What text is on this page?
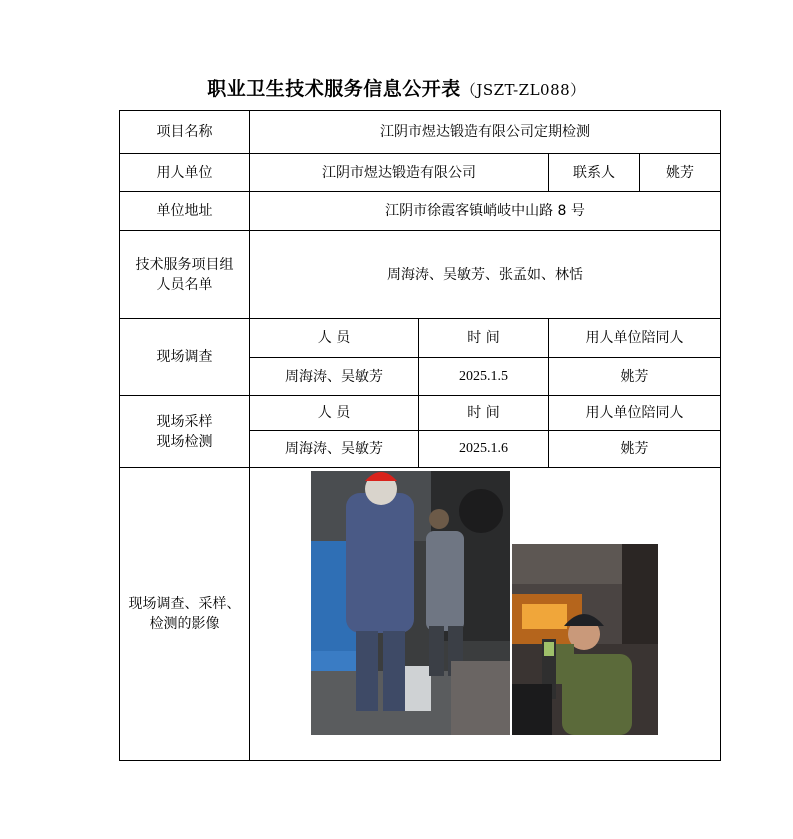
职业卫生技术服务信息公开表（JSZT-ZL088）
项目名称	江阴市煜达锻造有限公司定期检测			
用人单位	江阴市煜达锻造有限公司		联系人	姚芳
单位地址	江阴市徐霞客镇峭岐中山路 8 号			

技术服务项目组
人员名单	周海涛、吴敏芳、张孟如、林恬			
现场调查	人 员	时 间	用人单位陪同人	
	周海涛、吴敏芳	2025.1.5	姚芳	

现场采样
现场检测	人 员	时 间	用人单位陪同人	
	周海涛、吴敏芳	2025.1.6	姚芳	

现场调查、采样、
检测的影像
